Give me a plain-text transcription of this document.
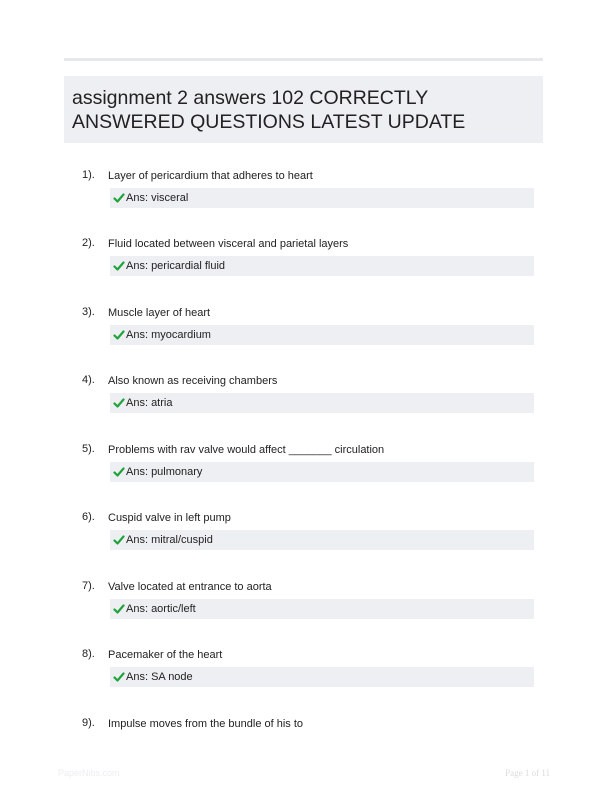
assignment 2 answers 102 CORRECTLY ANSWERED QUESTIONS LATEST UPDATE
1). Layer of pericardium that adheres to heart
Ans: visceral
2). Fluid located between visceral and parietal layers
Ans: pericardial fluid
3). Muscle layer of heart
Ans: myocardium
4). Also known as receiving chambers
Ans: atria
5). Problems with rav valve would affect _______ circulation
Ans: pulmonary
6). Cuspid valve in left pump
Ans: mitral/cuspid
7). Valve located at entrance to aorta
Ans: aortic/left
8). Pacemaker of the heart
Ans: SA node
9). Impulse moves from the bundle of his to
PaperNibs.com	Page 1 of 11
